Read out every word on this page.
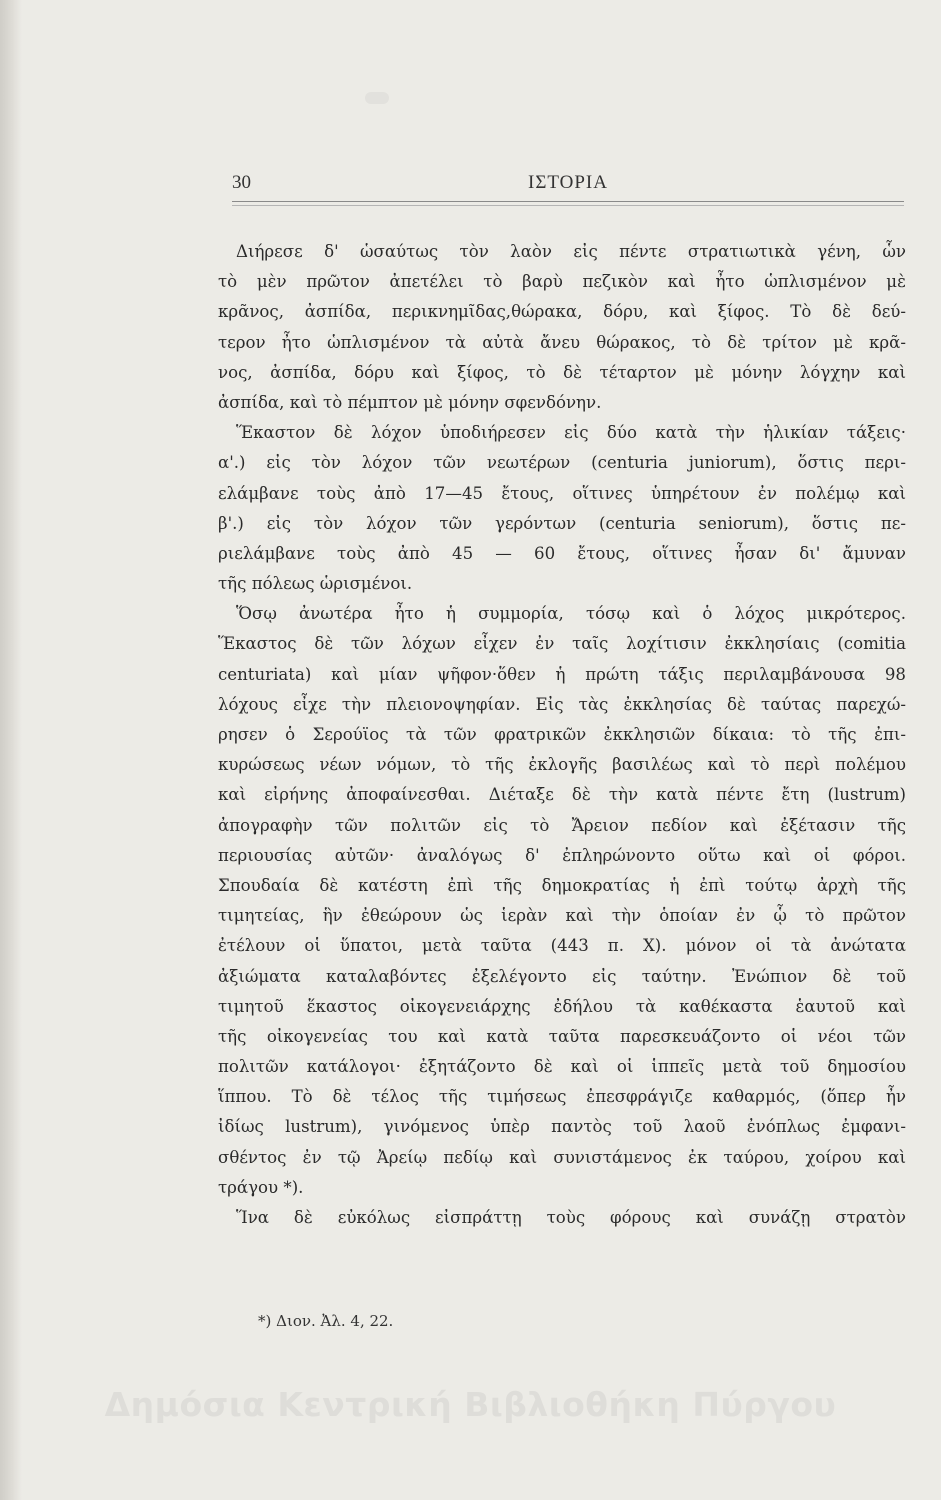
30	ΙΣΤΟΡΙΑ
Διήρεσε δ' ὡσαύτως τὸν λαὸν εἰς πέντε στρατιωτικὰ γένη, ὧν
τὸ μὲν πρῶτον ἀπετέλει τὸ βαρὺ πεζικὸν καὶ ἦτο ὡπλισμένον μὲ
κρᾶνος, ἀσπίδα, περικνημῖδας,θώρακα, δόρυ, καὶ ξίφος. Τὸ δὲ δεύ-
τερον ἦτο ὡπλισμένον τὰ αὐτὰ ἄνευ θώρακος, τὸ δὲ τρίτον μὲ κρᾶ-
νος, ἀσπίδα, δόρυ καὶ ξίφος, τὸ δὲ τέταρτον μὲ μόνην λόγχην καὶ
ἀσπίδα, καὶ τὸ πέμπτον μὲ μόνην σφενδόνην.
Ἕκαστον δὲ λόχον ὑποδιήρεσεν εἰς δύο κατὰ τὴν ἡλικίαν τάξεις·
α'.) εἰς τὸν λόχον τῶν νεωτέρων (centuria juniorum), ὅστις περι-
ελάμβανε τοὺς ἀπὸ 17—45 ἔτους, οἵτινες ὑπηρέτουν ἐν πολέμῳ καὶ
β'.) εἰς τὸν λόχον τῶν γερόντων (centuria seniorum), ὅστις πε-
ριελάμβανε τοὺς ἀπὸ 45 — 60 ἔτους, οἵτινες ἦσαν δι' ἄμυναν
τῆς πόλεως ὡρισμένοι.
Ὅσῳ ἀνωτέρα ἦτο ἡ συμμορία, τόσῳ καὶ ὁ λόχος μικρότερος.
Ἕκαστος δὲ τῶν λόχων εἶχεν ἐν ταῖς λοχίτισιν ἐκκλησίαις (comitia
centuriata) καὶ μίαν ψῆφον·ὅθεν ἡ πρώτη τάξις περιλαμβάνουσα 98
λόχους εἶχε τὴν πλειονοψηφίαν. Εἰς τὰς ἐκκλησίας δὲ ταύτας παρεχώ-
ρησεν ὁ Σερούϊος τὰ τῶν φρατρικῶν ἐκκλησιῶν δίκαια: τὸ τῆς ἐπι-
κυρώσεως νέων νόμων, τὸ τῆς ἐκλογῆς βασιλέως καὶ τὸ περὶ πολέμου
καὶ εἰρήνης ἀποφαίνεσθαι. Διέταξε δὲ τὴν κατὰ πέντε ἔτη (lustrum)
ἀπογραφὴν τῶν πολιτῶν εἰς τὸ Ἄρειον πεδίον καὶ ἐξέτασιν τῆς
περιουσίας αὐτῶν· ἀναλόγως δ' ἐπληρώνοντο οὕτω καὶ οἱ φόροι.
Σπουδαία δὲ κατέστη ἐπὶ τῆς δημοκρατίας ἡ ἐπὶ τούτῳ ἀρχὴ τῆς
τιμητείας, ἣν ἐθεώρουν ὡς ἱερὰν καὶ τὴν ὁποίαν ἐν ᾧ τὸ πρῶτον
ἐτέλουν οἱ ὕπατοι, μετὰ ταῦτα (443 π. Χ). μόνον οἱ τὰ ἀνώτατα
ἀξιώματα καταλαβόντες ἐξελέγοντο εἰς ταύτην. Ἐνώπιον δὲ τοῦ
τιμητοῦ ἕκαστος οἰκογενειάρχης ἐδήλου τὰ καθέκαστα ἑαυτοῦ καὶ
τῆς οἰκογενείας του καὶ κατὰ ταῦτα παρεσκευάζοντο οἱ νέοι τῶν
πολιτῶν κατάλογοι· ἐξητάζοντο δὲ καὶ οἱ ἱππεῖς μετὰ τοῦ δημοσίου
ἵππου. Τὸ δὲ τέλος τῆς τιμήσεως ἐπεσφράγιζε καθαρμός, (ὅπερ ἦν
ἰδίως lustrum), γινόμενος ὑπὲρ παντὸς τοῦ λαοῦ ἐνόπλως ἐμφανι-
σθέντος ἐν τῷ Ἀρείῳ πεδίῳ καὶ συνιστάμενος ἐκ ταύρου, χοίρου καὶ
τράγου *).
Ἵνα δὲ εὐκόλως εἰσπράττῃ τοὺς φόρους καὶ συνάζῃ στρατὸν
*) Διον. Ἀλ. 4, 22.
Δημόσια Κεντρική Βιβλιοθήκη Πύργου
